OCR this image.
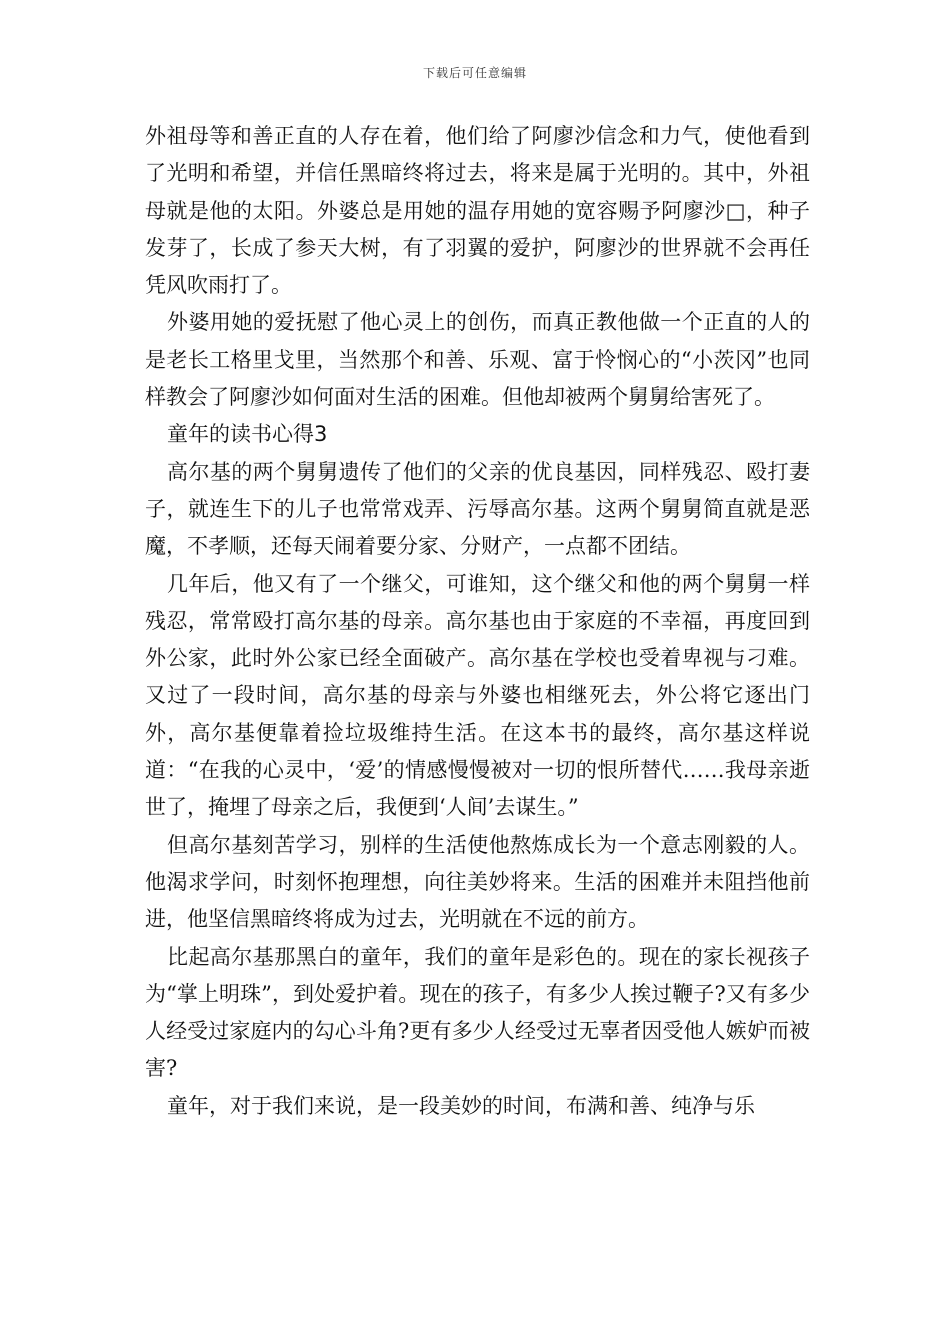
下载后可任意编辑

外祖母等和善正直的人存在着，他们给了阿廖沙信念和力气，使他看到了光明和希望，并信任黑暗终将过去，将来是属于光明的。其中，外祖母就是他的太阳。外婆总是用她的温存用她的宽容赐予阿廖沙□，种子发芽了，长成了参天大树，有了羽翼的爱护，阿廖沙的世界就不会再任凭风吹雨打了。

外婆用她的爱抚慰了他心灵上的创伤，而真正教他做一个正直的人的是老长工格里戈里，当然那个和善、乐观、富于怜悯心的“小茨冈”也同样教会了阿廖沙如何面对生活的困难。但他却被两个舅舅给害死了。

童年的读书心得3

高尔基的两个舅舅遗传了他们的父亲的优良基因，同样残忍、殴打妻子，就连生下的儿子也常常戏弄、污辱高尔基。这两个舅舅简直就是恶魔，不孝顺，还每天闹着要分家、分财产，一点都不团结。

几年后，他又有了一个继父，可谁知，这个继父和他的两个舅舅一样残忍，常常殴打高尔基的母亲。高尔基也由于家庭的不幸福，再度回到外公家，此时外公家已经全面破产。高尔基在学校也受着卑视与刁难。又过了一段时间，高尔基的母亲与外婆也相继死去，外公将它逐出门外，高尔基便靠着捡垃圾维持生活。在这本书的最终，高尔基这样说道：“在我的心灵中，‘爱’的情感慢慢被对一切的恨所替代……我母亲逝世了，掩埋了母亲之后，我便到‘人间’去谋生。”

但高尔基刻苦学习，别样的生活使他熬炼成长为一个意志刚毅的人。他渴求学问，时刻怀抱理想，向往美妙将来。生活的困难并未阻挡他前进，他坚信黑暗终将成为过去，光明就在不远的前方。

比起高尔基那黑白的童年，我们的童年是彩色的。现在的家长视孩子为“掌上明珠”，到处爱护着。现在的孩子，有多少人挨过鞭子?又有多少人经受过家庭内的勾心斗角?更有多少人经受过无辜者因受他人嫉妒而被害?

童年，对于我们来说，是一段美妙的时间，布满和善、纯净与乐
